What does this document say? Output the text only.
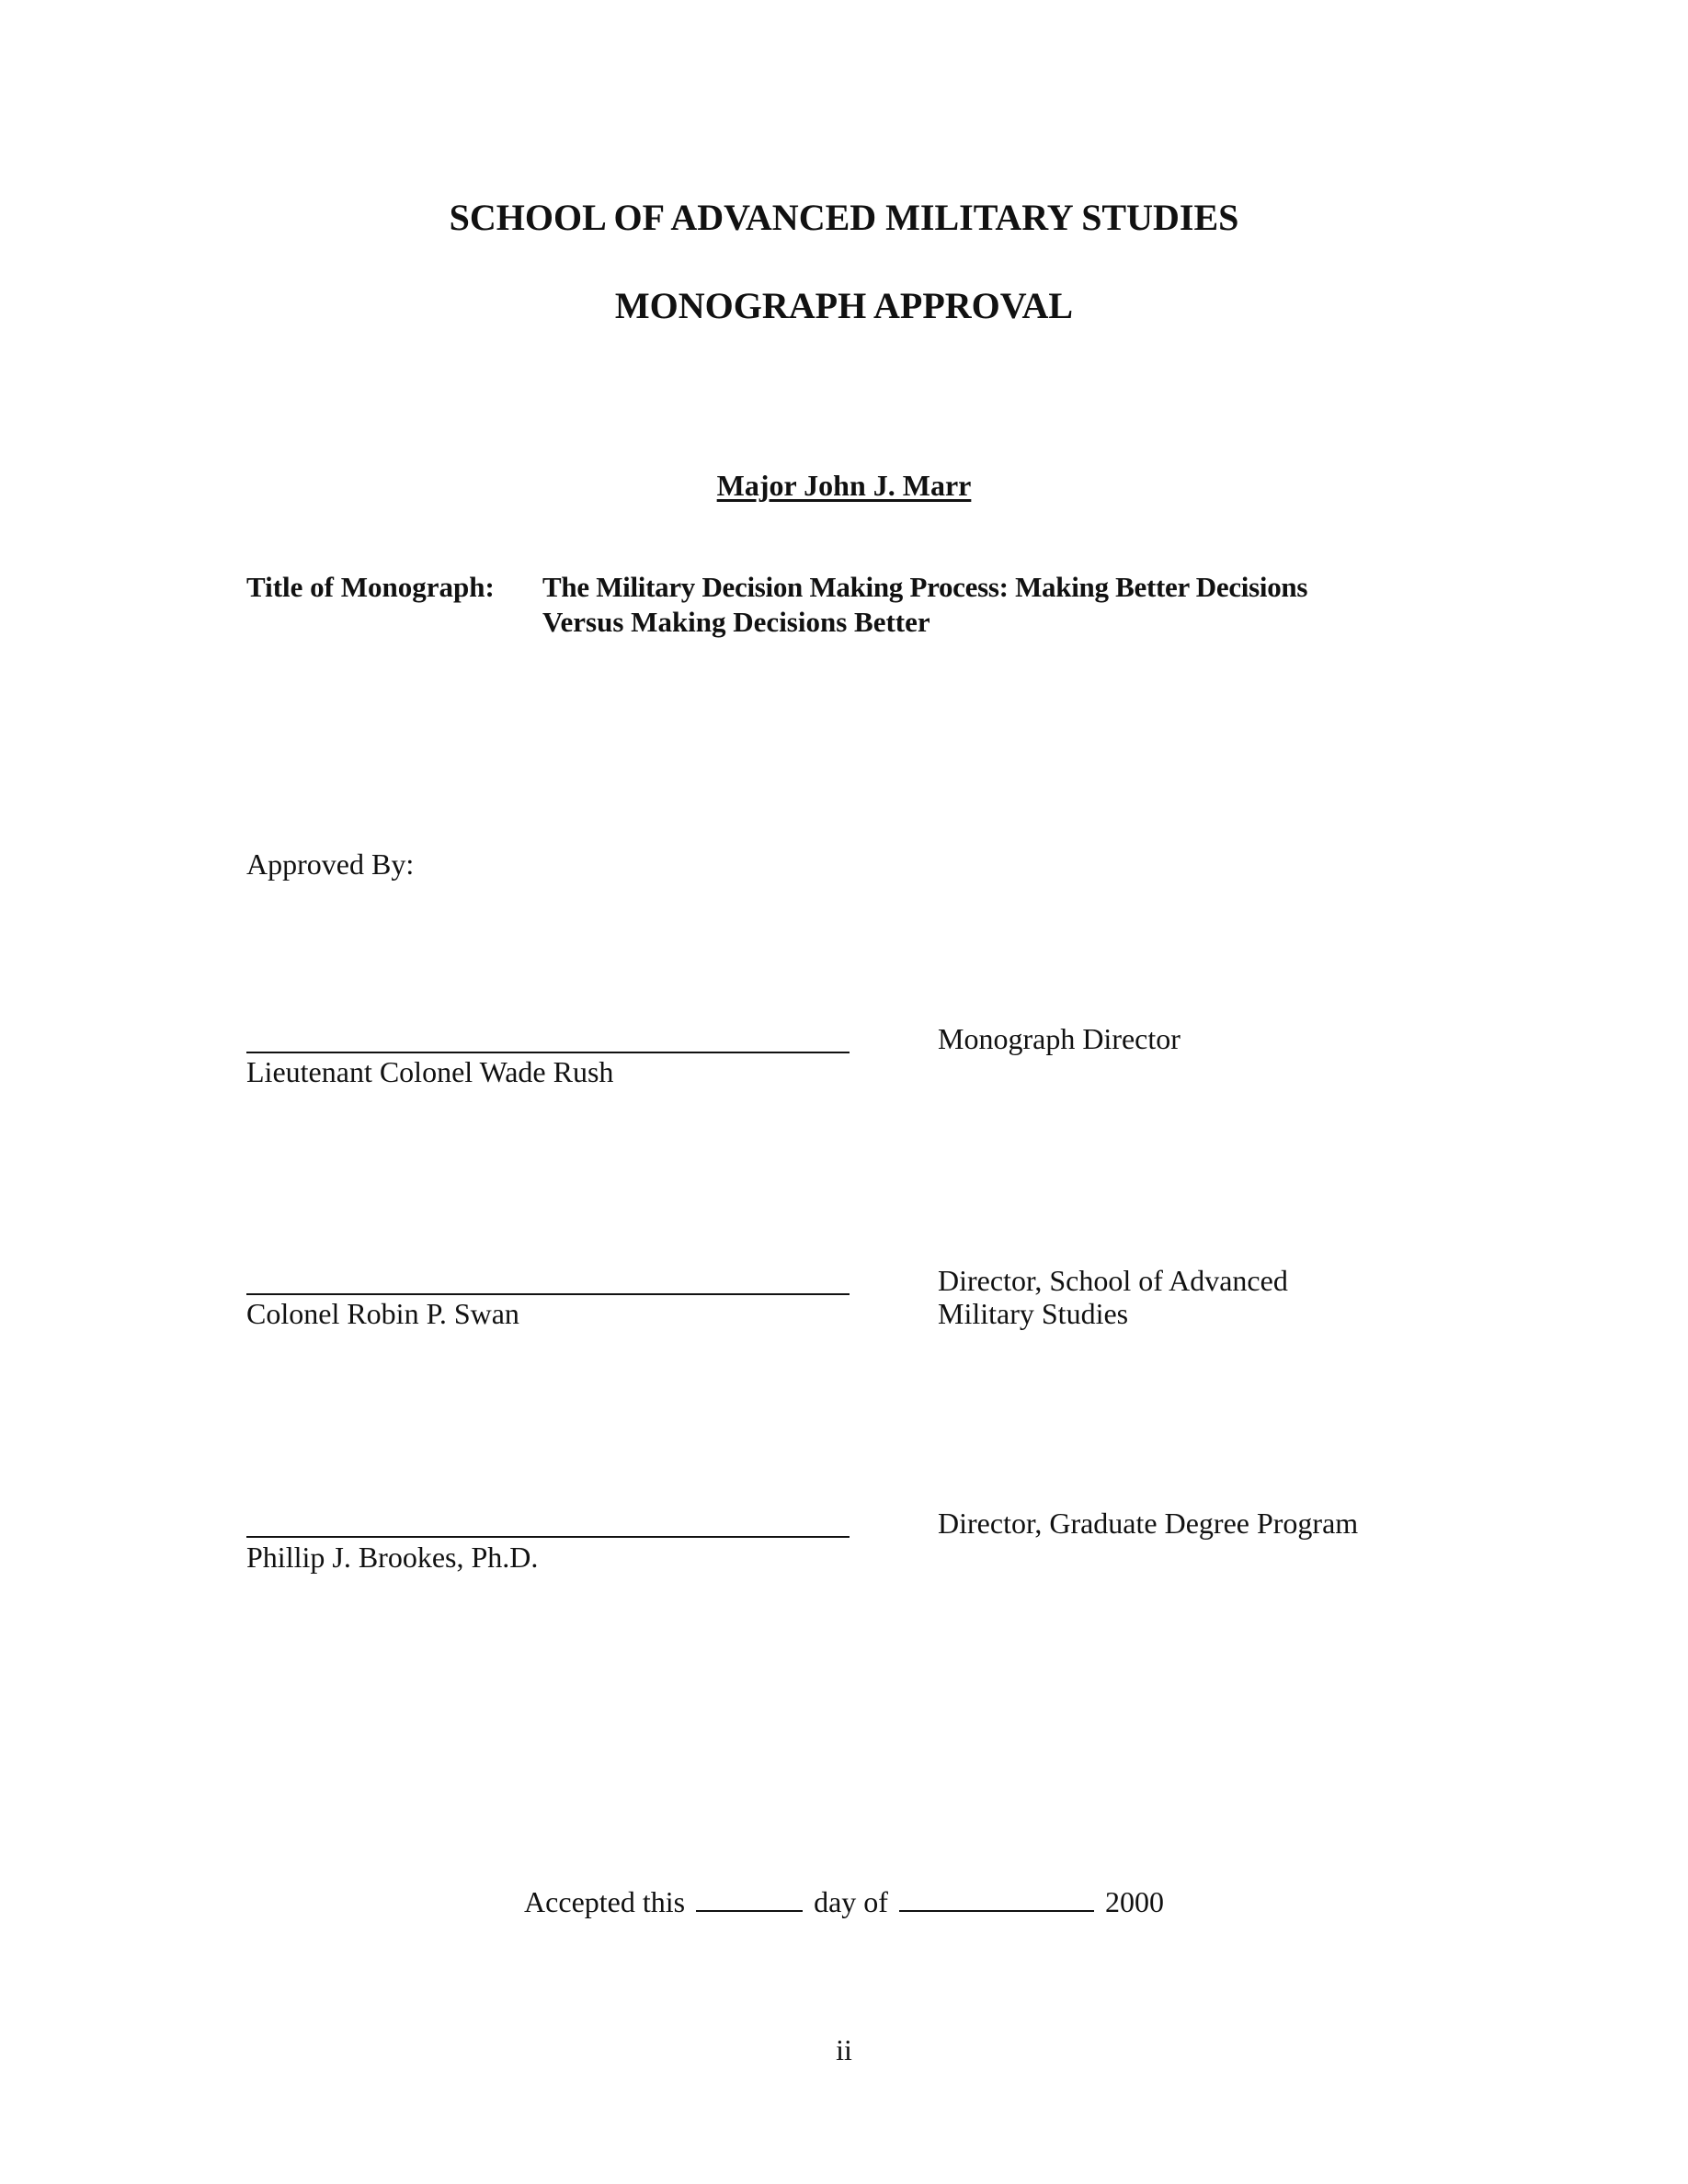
SCHOOL OF ADVANCED MILITARY STUDIES
MONOGRAPH APPROVAL
Major John J. Marr
Title of Monograph: The Military Decision Making Process: Making Better Decisions
Versus Making Decisions Better
Approved By:
Lieutenant Colonel Wade Rush
Monograph Director
Colonel Robin P. Swan
Director, School of Advanced
Military Studies
Phillip J. Brookes, Ph.D.
Director, Graduate Degree Program
Accepted this	day of	2000
ii
